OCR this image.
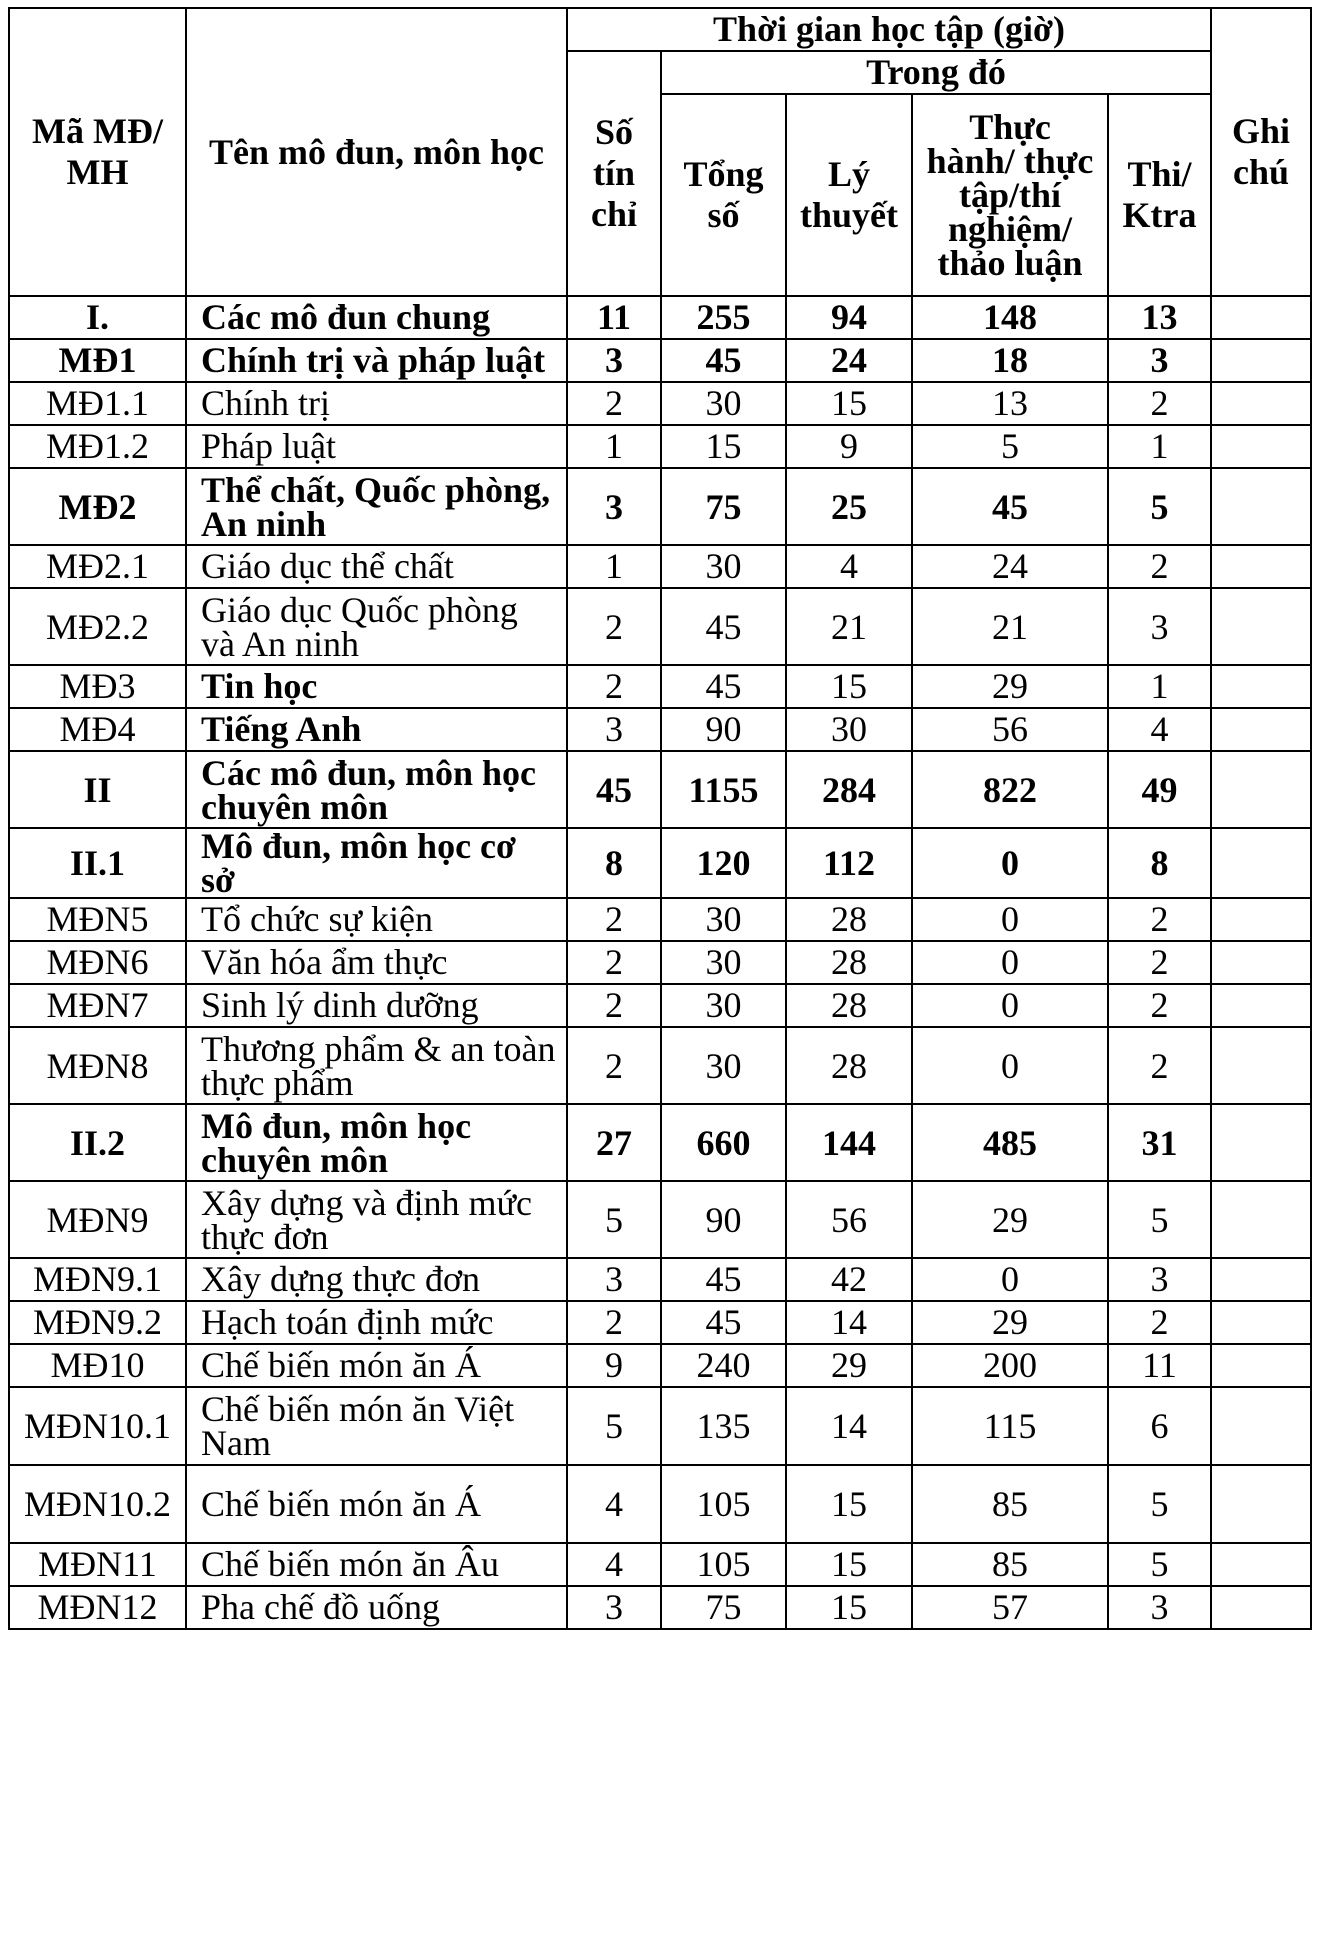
Mã MĐ/ MH	Tên mô đun, môn học	Thời gian học tập (giờ)					Ghi chú
		Số tín chỉ	Trong đó				
			Tổng số	Lý thuyết	Thực hành/ thực tập/thí nghiệm/ thảo luận	Thi/ Ktra	
I.	Các mô đun chung	11	255	94	148	13	
MĐ1	Chính trị và pháp luật	3	45	24	18	3	
MĐ1.1	Chính trị	2	30	15	13	2	
MĐ1.2	Pháp luật	1	15	9	5	1	
MĐ2	Thể chất, Quốc phòng, An ninh	3	75	25	45	5	
MĐ2.1	Giáo dục thể chất	1	30	4	24	2	
MĐ2.2	Giáo dục Quốc phòng và An ninh	2	45	21	21	3	
MĐ3	Tin học	2	45	15	29	1	
MĐ4	Tiếng Anh	3	90	30	56	4	
II	Các mô đun, môn học chuyên môn	45	1155	284	822	49	
II.1	Mô đun, môn học cơ sở	8	120	112	0	8	
MĐN5	Tổ chức sự kiện	2	30	28	0	2	
MĐN6	Văn hóa ẩm thực	2	30	28	0	2	
MĐN7	Sinh lý dinh dưỡng	2	30	28	0	2	
MĐN8	Thương phẩm & an toàn thực phẩm	2	30	28	0	2	
II.2	Mô đun, môn học chuyên môn	27	660	144	485	31	
MĐN9	Xây dựng và định mức thực đơn	5	90	56	29	5	
MĐN9.1	Xây dựng thực đơn	3	45	42	0	3	
MĐN9.2	Hạch toán định mức	2	45	14	29	2	
MĐ10	Chế biến món ăn Á	9	240	29	200	11	
MĐN10.1	Chế biến món ăn Việt Nam	5	135	14	115	6	
MĐN10.2	Chế biến món ăn Á	4	105	15	85	5	
MĐN11	Chế biến món ăn Âu	4	105	15	85	5	
MĐN12	Pha chế đồ uống	3	75	15	57	3	
